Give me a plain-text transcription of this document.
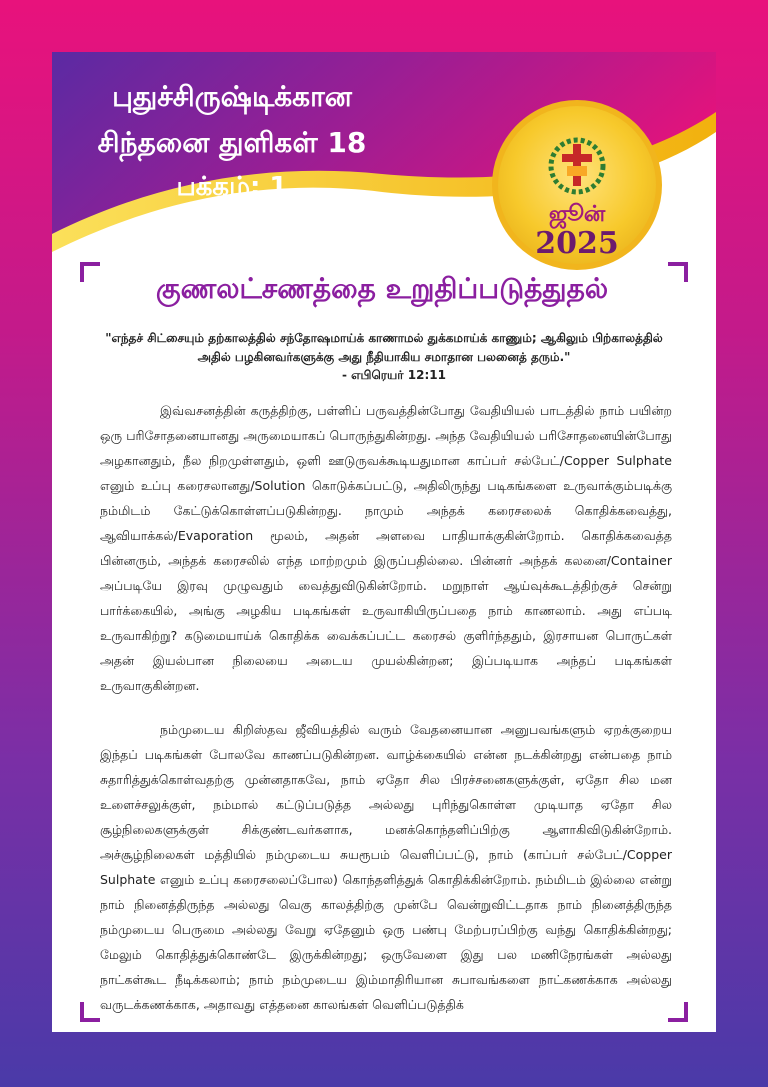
புதுச்சிருஷ்டிக்கான
சிந்தனை துளிகள் 18
பக்கம்: 1
ஜூன்
2025
குணலட்சணத்தை உறுதிப்படுத்துதல்
"எந்தச் சிட்சையும் தற்காலத்தில் சந்தோஷமாய்க் காணாமல் துக்கமாய்க் காணும்; ஆகிலும் பிற்காலத்தில் அதில் பழகினவர்களுக்கு அது நீதியாகிய சமாதான பலனைத் தரும்."
- எபிரெயர் 12:11
இவ்வசனத்தின் கருத்திற்கு, பள்ளிப் பருவத்தின்போது வேதியியல் பாடத்தில் நாம் பயின்ற ஒரு பரிசோதனையானது அருமையாகப் பொருந்துகின்றது. அந்த வேதியியல் பரிசோதனையின்போது அழகானதும், நீல நிறமுள்ளதும், ஒளி ஊடுருவக்கூடியதுமான காப்பர் சல்பேட்/Copper Sulphate எனும் உப்பு கரைசலானது/Solution கொடுக்கப்பட்டு, அதிலிருந்து படிகங்களை உருவாக்கும்படிக்கு நம்மிடம் கேட்டுக்கொள்ளப்படுகின்றது. நாமும் அந்தக் கரைசலைக் கொதிக்கவைத்து, ஆவியாக்கல்/Evaporation மூலம், அதன் அளவை பாதியாக்குகின்றோம். கொதிக்கவைத்த பின்னரும், அந்தக் கரைசலில் எந்த மாற்றமும் இருப்பதில்லை. பின்னர் அந்தக் கலனை/Container அப்படியே இரவு முழுவதும் வைத்துவிடுகின்றோம். மறுநாள் ஆய்வுக்கூடத்திற்குச் சென்று பார்க்கையில், அங்கு அழகிய படிகங்கள் உருவாகியிருப்பதை நாம் காணலாம். அது எப்படி உருவாகிற்று? கடுமையாய்க் கொதிக்க வைக்கப்பட்ட கரைசல் குளிர்ந்ததும், இரசாயன பொருட்கள் அதன் இயல்பான நிலையை அடைய முயல்கின்றன; இப்படியாக அந்தப் படிகங்கள் உருவாகுகின்றன.
நம்முடைய கிறிஸ்தவ ஜீவியத்தில் வரும் வேதனையான அனுபவங்களும் ஏறக்குறைய இந்தப் படிகங்கள் போலவே காணப்படுகின்றன. வாழ்க்கையில் என்ன நடக்கின்றது என்பதை நாம் சுதாரித்துக்கொள்வதற்கு முன்னதாகவே, நாம் ஏதோ சில பிரச்சனைகளுக்குள், ஏதோ சில மன உளைச்சலுக்குள், நம்மால் கட்டுப்படுத்த அல்லது புரிந்துகொள்ள முடியாத ஏதோ சில சூழ்நிலைகளுக்குள் சிக்குண்டவர்களாக, மனக்கொந்தளிப்பிற்கு ஆளாகிவிடுகின்றோம். அச்சூழ்நிலைகள் மத்தியில் நம்முடைய சுயரூபம் வெளிப்பட்டு, நாம் (காப்பர் சல்பேட்/Copper Sulphate எனும் உப்பு கரைசலைப்போல) கொந்தளித்துக் கொதிக்கின்றோம். நம்மிடம் இல்லை என்று நாம் நினைத்திருந்த அல்லது வெகு காலத்திற்கு முன்பே வென்றுவிட்டதாக நாம் நினைத்திருந்த நம்முடைய பெருமை அல்லது வேறு ஏதேனும் ஒரு பண்பு மேற்பரப்பிற்கு வந்து கொதிக்கின்றது; மேலும் கொதித்துக்கொண்டே இருக்கின்றது; ஒருவேளை இது பல மணிநேரங்கள் அல்லது நாட்கள்கூட நீடிக்கலாம்; நாம் நம்முடைய இம்மாதிரியான சுபாவங்களை நாட்கணக்காக அல்லது வருடக்கணக்காக, அதாவது எத்தனை காலங்கள் வெளிப்படுத்திக்
